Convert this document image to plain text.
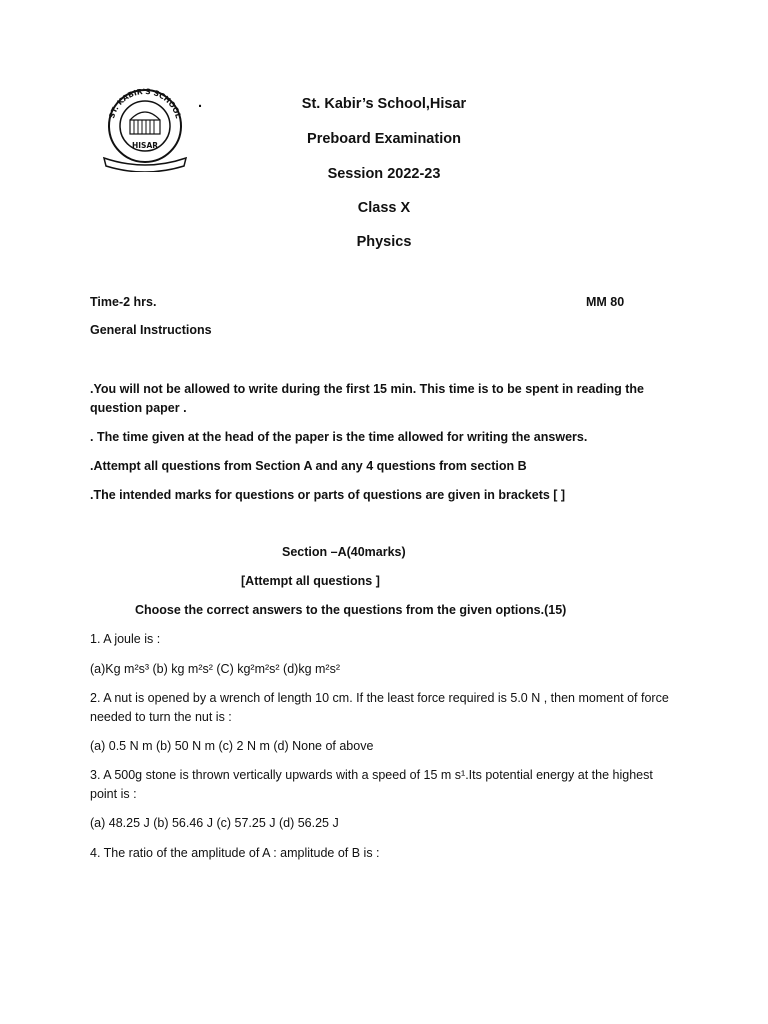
ST. KABIR'S SCHOOL
HISAR
.	St. Kabir’s School,Hisar
Preboard Examination
Session 2022-23
Class X
Physics
Time-2 hrs.	MM 80
General Instructions
.You will not be allowed to write during the first 15 min. This time is to be spent in reading the question paper .
. The time given at the head of the paper is the time allowed for writing the answers.
.Attempt all questions from Section A and any 4 questions from section B
.The intended marks for questions or parts of questions are given in brackets [ ]
Section –A(40marks)
[Attempt all questions ]
Choose the correct answers to the questions from the given options.(15)
1. A joule is :
(a)Kg m²s³ (b) kg m²s² (C) kg²m²s² (d)kg m²s²
2. A nut is opened by a wrench of length 10 cm. If the least force required is 5.0 N , then moment of force needed to turn the nut is :
(a) 0.5 N m (b) 50 N m (c) 2 N m (d) None of above
3. A 500g stone is thrown vertically upwards with a speed of 15 m s¹.Its potential energy at the highest point is :
(a) 48.25 J (b) 56.46 J (c) 57.25 J (d) 56.25 J
4. The ratio of the amplitude of A : amplitude of B is :
